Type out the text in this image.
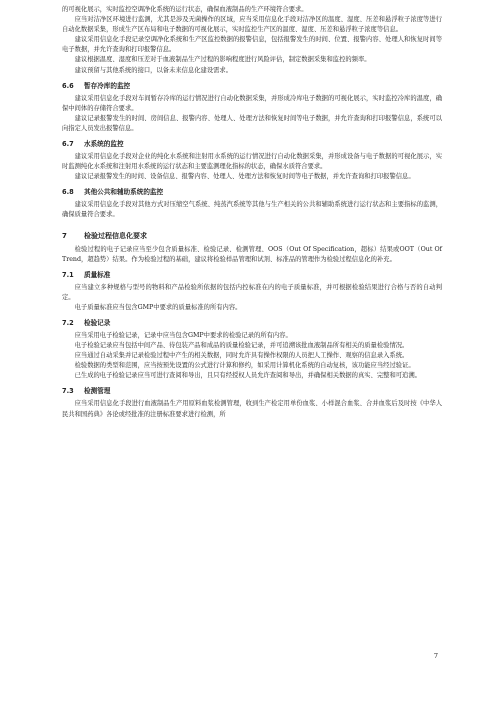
的可视化展示，实时监控空调净化系统的运行状态，确保血液制品的生产环境符合要求。

应当对洁净区环境进行监测，尤其是涉及无菌操作的区域，应当采用信息化手段对洁净区的温度、湿度、压差和悬浮粒子浓度等进行自动化数据采集，形成生产区布局和电子数据的可视化展示，实时监控生产区的温度、湿度、压差和悬浮粒子浓度等信息。

建议采用信息化手段记录空调净化系统和生产区监控数据的报警信息，包括报警发生的时间、位置、报警内容、处理人和恢复时间等电子数据，并允许查询和打印报警信息。

建议根据温度、湿度和压差对于血液制品生产过程的影响程度进行风险评估，制定数据采集和监控的频率。

建议预留与其他系统的接口，以备未来信息化建设需求。

6.6 暂存冷库的监控

建议采用信息化手段对车间暂存冷库的运行情况进行自动化数据采集，并形成冷库电子数据的可视化展示，实时监控冷库的温度，确保中间体的存储符合要求。

建议记录报警发生的时间、房间信息、报警内容、处理人、处理方法和恢复时间等电子数据，并允许查询和打印报警信息，系统可以向指定人员发出报警信息。

6.7 水系统的监控

建议采用信息化手段对企业的纯化水系统和注射用水系统的运行情况进行自动化数据采集，并形成设备与电子数据的可视化展示，实时监测纯化水系统和注射用水系统的运行状态和主要监测理化指标的状态，确保水质符合要求。

建议记录报警发生的时间、设备信息、报警内容、处理人、处理方法和恢复时间等电子数据，并允许查询和打印报警信息。

6.8 其他公共和辅助系统的监控

建议采用信息化手段对其他方式对压缩空气系统、纯蒸汽系统等其他与生产相关的公共和辅助系统进行运行状态和主要指标的监测，确保质量符合要求。

7 检验过程信息化要求

检验过程的电子记录应当至少包含质量标准、检验记录、检测管理、OOS（Out Of Specification，超标）结果或OOT（Out Of Trend，超趋势）结果。作为检验过程的基础，建议将检验样品管理和试剂、标准品的管理作为检验过程信息化的补充。

7.1 质量标准

应当建立多种规格与型号的物料和产品检验所依据的包括内控标准在内的电子质量标准，并可根据检验结果进行合格与否的自动判定。

电子质量标准应当包含GMP中要求的质量标准的所有内容。

7.2 检验记录

应当采用电子检验记录，记录中应当包含GMP中要求的检验记录的所有内容。

电子检验记录应当包括中间产品、待包装产品和成品的质量检验记录，并可追溯该批血液制品所有相关的质量检验情况。

应当通过自动采集并记录检验过程中产生的相关数据，同时允许具有操作权限的人员把人工操作、观察的信息录入系统。

检验数据的类型和范围，应当按预先设置的公式进行计算和修约，如采用计算机化系统的自动复核，该功能应当经过验证。

已生成的电子检验记录应当可进行查阅和导出，且只有经授权人员允许查阅和导出，并确保相关数据的真实、完整和可追溯。

7.3 检测管理

应当采用信息化手段进行血液制品生产用原料血浆检测管理，收到生产检定用单份血浆、小样混合血浆、合并血浆后及时按《中华人民共和国药典》各论或经批准的注册标准要求进行检测，所

7
